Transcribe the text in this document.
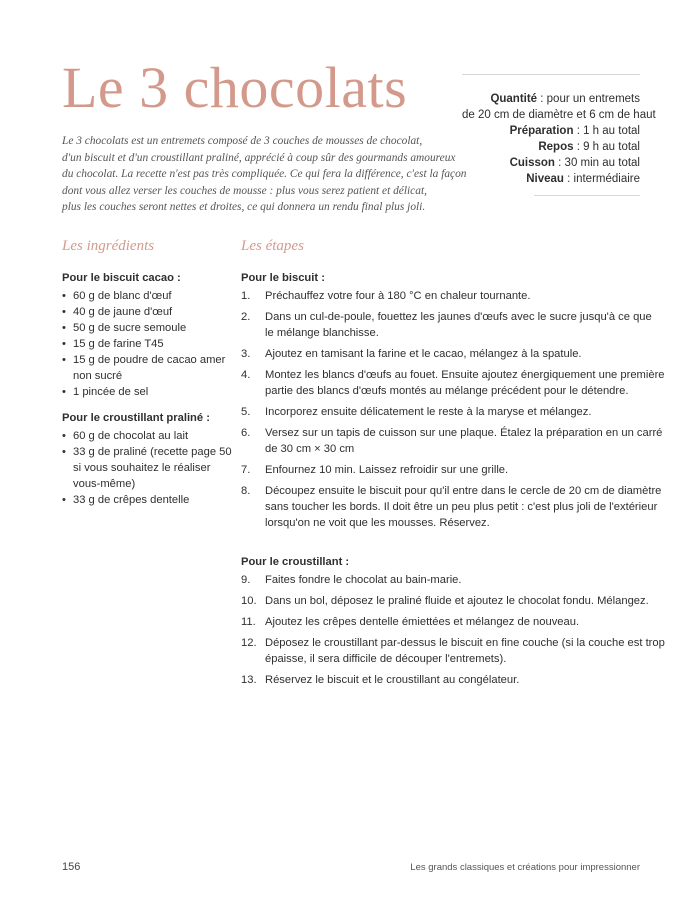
Le 3 chocolats	Quantité : pour un entremets
de 20 cm de diamètre et 6 cm de haut
Préparation : 1 h au total
Repos : 9 h au total
Cuisson : 30 min au total
Niveau : intermédiaire

Le 3 chocolats est un entremets composé de 3 couches de mousses de chocolat,
d'un biscuit et d'un croustillant praliné, apprécié à coup sûr des gourmands amoureux
du chocolat. La recette n'est pas très compliquée. Ce qui fera la différence, c'est la façon
dont vous allez verser les couches de mousse : plus vous serez patient et délicat,
plus les couches seront nettes et droites, ce qui donnera un rendu final plus joli.

Les ingrédients	Les étapes
Pour le biscuit cacao :
• 60 g de blanc d'œuf
• 40 g de jaune d'œuf
• 50 g de sucre semoule
• 15 g de farine T45
• 15 g de poudre de cacao amer
non sucré
• 1 pincée de sel
Pour le croustillant praliné :
• 60 g de chocolat au lait
• 33 g de praliné (recette page 50
si vous souhaitez le réaliser
vous-même)
• 33 g de crêpes dentelle
Pour le biscuit :
1. Préchauffez votre four à 180 °C en chaleur tournante.
2. Dans un cul-de-poule, fouettez les jaunes d'œufs avec le sucre jusqu'à ce que
le mélange blanchisse.
3. Ajoutez en tamisant la farine et le cacao, mélangez à la spatule.
4. Montez les blancs d'œufs au fouet. Ensuite ajoutez énergiquement une première
partie des blancs d'œufs montés au mélange précédent pour le détendre.
5. Incorporez ensuite délicatement le reste à la maryse et mélangez.
6. Versez sur un tapis de cuisson sur une plaque. Étalez la préparation en un carré
de 30 cm × 30 cm
7. Enfournez 10 min. Laissez refroidir sur une grille.
8. Découpez ensuite le biscuit pour qu'il entre dans le cercle de 20 cm de diamètre
sans toucher les bords. Il doit être un peu plus petit : c'est plus joli de l'extérieur
lorsqu'on ne voit que les mousses. Réservez.
Pour le croustillant :
9. Faites fondre le chocolat au bain-marie.
10. Dans un bol, déposez le praliné fluide et ajoutez le chocolat fondu. Mélangez.
11. Ajoutez les crêpes dentelle émiettées et mélangez de nouveau.
12. Déposez le croustillant par-dessus le biscuit en fine couche (si la couche est trop
épaisse, il sera difficile de découper l'entremets).
13. Réservez le biscuit et le croustillant au congélateur.
156	Les grands classiques et créations pour impressionner
